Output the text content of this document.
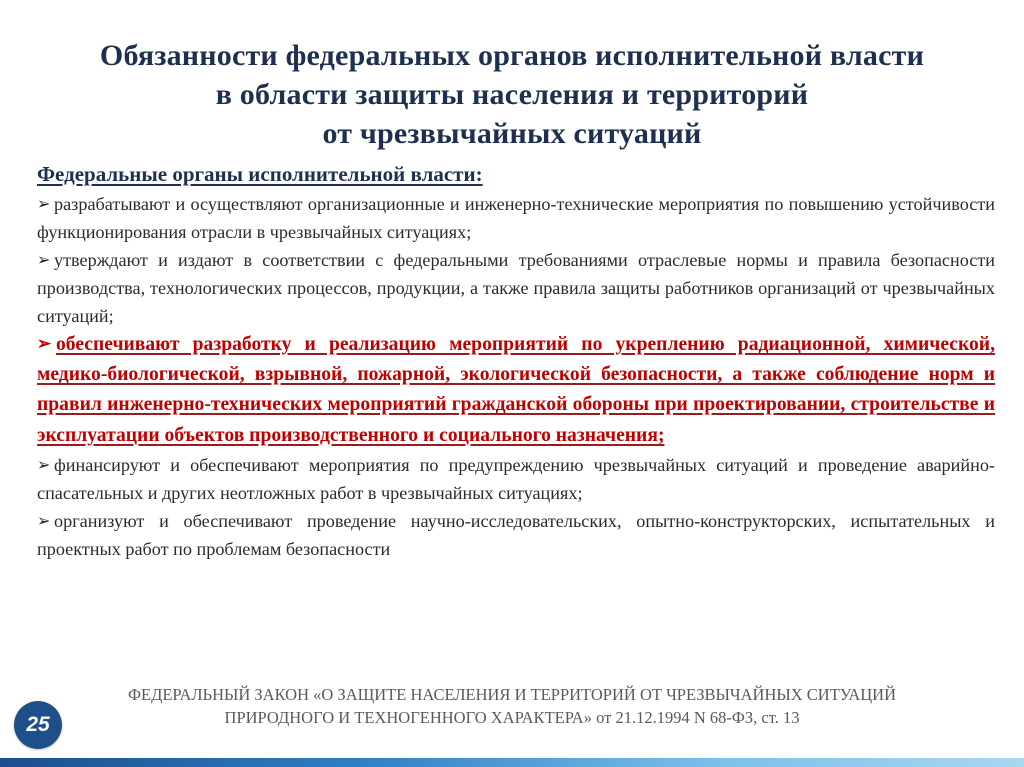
Обязанности федеральных органов исполнительной власти
в области защиты населения и территорий
от чрезвычайных ситуаций
Федеральные органы исполнительной власти:

➢ разрабатывают и осуществляют организационные и инженерно-технические мероприятия по повышению устойчивости функционирования отрасли в чрезвычайных ситуациях;

➢ утверждают и издают в соответствии с федеральными требованиями отраслевые нормы и правила безопасности производства, технологических процессов, продукции, а также правила защиты работников организаций от чрезвычайных ситуаций;

➢ обеспечивают разработку и реализацию мероприятий по укреплению радиационной, химической, медико-биологической, взрывной, пожарной, экологической безопасности, а также соблюдение норм и правил инженерно-технических мероприятий гражданской обороны при проектировании, строительстве и эксплуатации объектов производственного и социального назначения;

➢ финансируют и обеспечивают мероприятия по предупреждению чрезвычайных ситуаций и проведение аварийно-спасательных и других неотложных работ в чрезвычайных ситуациях;

➢ организуют и обеспечивают проведение научно-исследовательских, опытно-конструкторских, испытательных и проектных работ по проблемам безопасности

ФЕДЕРАЛЬНЫЙ ЗАКОН «О ЗАЩИТЕ НАСЕЛЕНИЯ И ТЕРРИТОРИЙ ОТ ЧРЕЗВЫЧАЙНЫХ СИТУАЦИЙ
ПРИРОДНОГО И ТЕХНОГЕННОГО ХАРАКТЕРА» от 21.12.1994 N 68-ФЗ, ст. 13
25
